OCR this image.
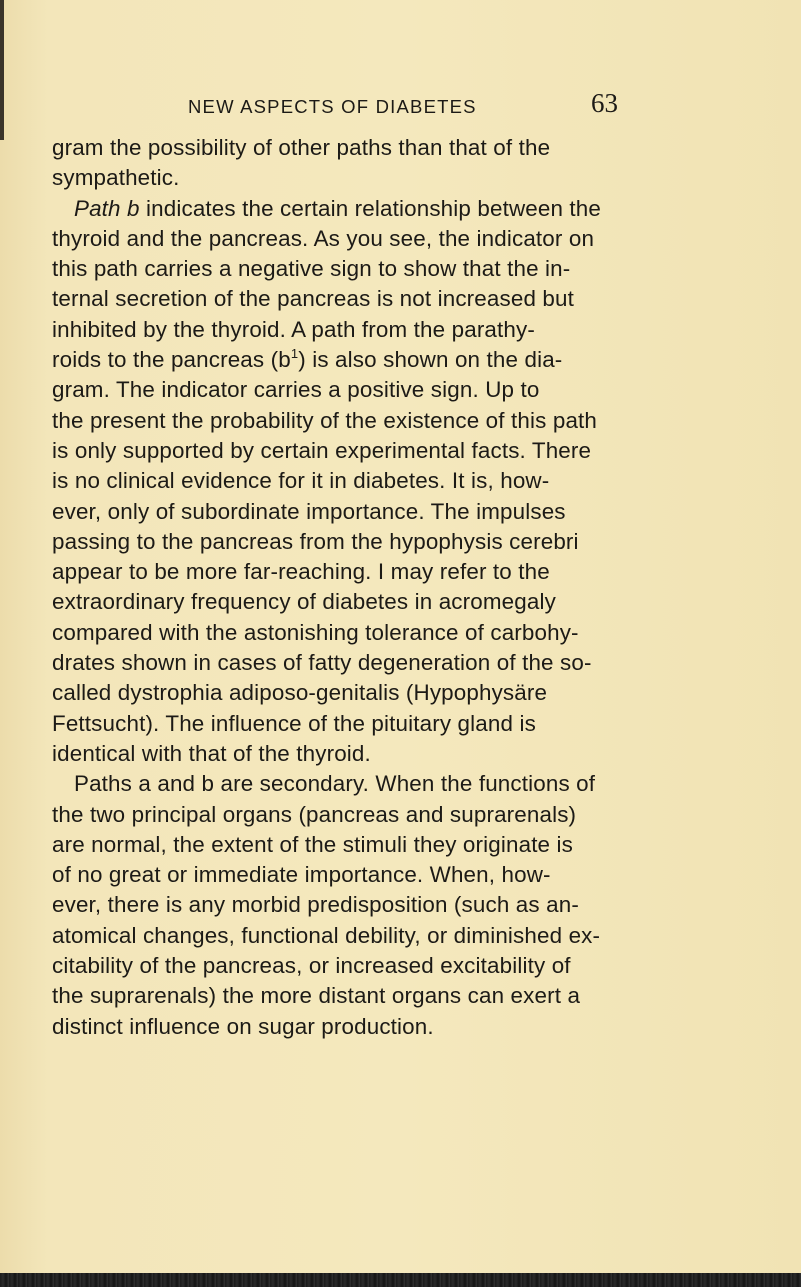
NEW ASPECTS OF DIABETES	63
gram the possibility of other paths than that of the
sympathetic.
Path b indicates the certain relationship between the
thyroid and the pancreas. As you see, the indicator on
this path carries a negative sign to show that the in-
ternal secretion of the pancreas is not increased but
inhibited by the thyroid. A path from the parathy-
roids to the pancreas $(b^1)$ is also shown on the dia-
gram. The indicator carries a positive sign. Up to
the present the probability of the existence of this path
is only supported by certain experimental facts. There
is no clinical evidence for it in diabetes. It is, how-
ever, only of subordinate importance. The impulses
passing to the pancreas from the hypophysis cerebri
appear to be more far-reaching. I may refer to the
extraordinary frequency of diabetes in acromegaly
compared with the astonishing tolerance of carbohy-
drates shown in cases of fatty degeneration of the so-
called dystrophia adiposo-genitalis (Hypophysäre
Fettsucht). The influence of the pituitary gland is
identical with that of the thyroid.
Paths a and b are secondary. When the functions of
the two principal organs (pancreas and suprarenals)
are normal, the extent of the stimuli they originate is
of no great or immediate importance. When, how-
ever, there is any morbid predisposition (such as an-
atomical changes, functional debility, or diminished ex-
citability of the pancreas, or increased excitability of
the suprarenals) the more distant organs can exert a
distinct influence on sugar production.
